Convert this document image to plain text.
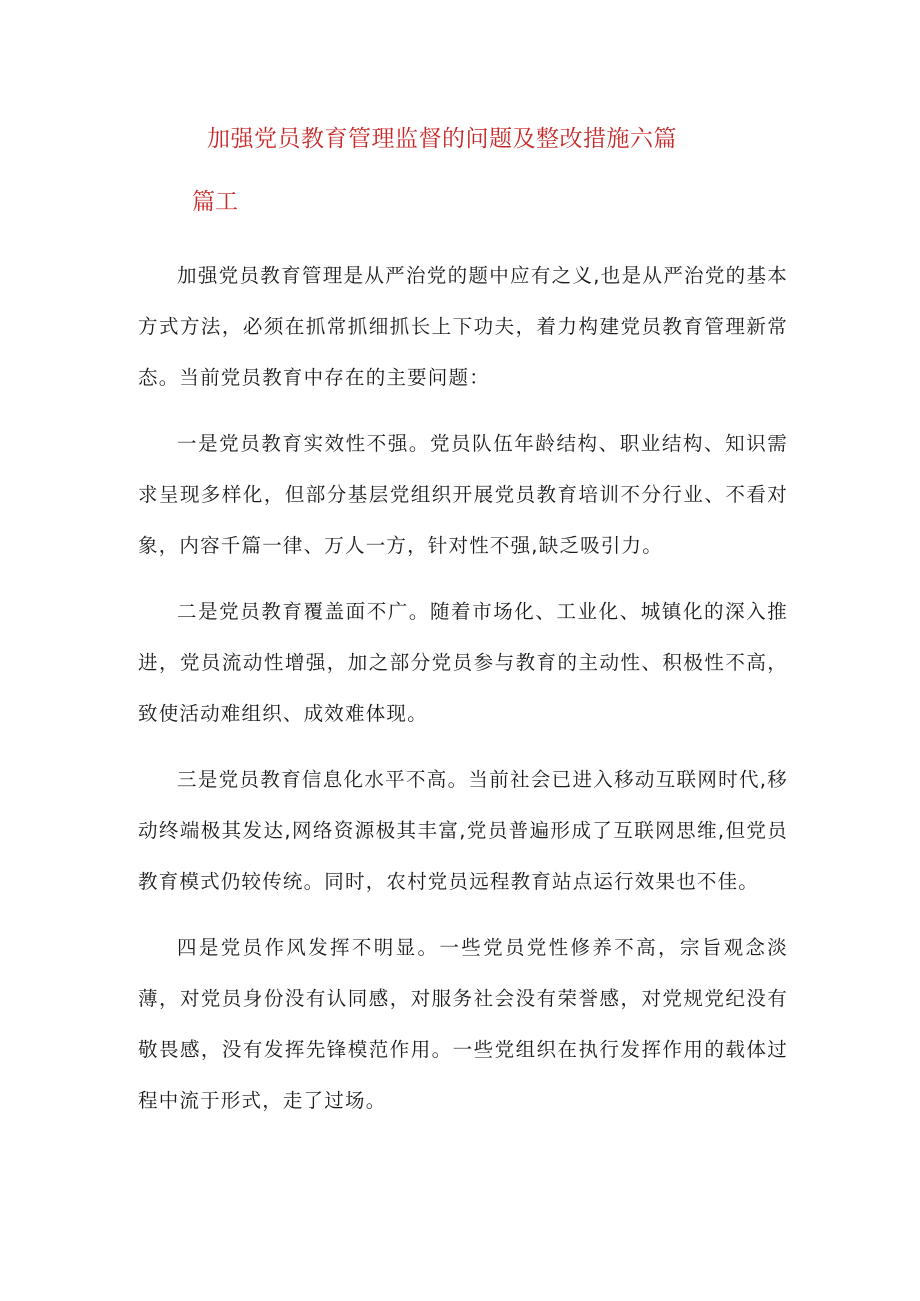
加强党员教育管理监督的问题及整改措施六篇
篇工

加强党员教育管理是从严治党的题中应有之义,也是从严治党的基本方式方法，必须在抓常抓细抓长上下功夫，着力构建党员教育管理新常态。当前党员教育中存在的主要问题：

一是党员教育实效性不强。党员队伍年龄结构、职业结构、知识需求呈现多样化，但部分基层党组织开展党员教育培训不分行业、不看对象，内容千篇一律、万人一方，针对性不强,缺乏吸引力。

二是党员教育覆盖面不广。随着市场化、工业化、城镇化的深入推进，党员流动性增强，加之部分党员参与教育的主动性、积极性不高，致使活动难组织、成效难体现。

三是党员教育信息化水平不高。当前社会已进入移动互联网时代,移动终端极其发达,网络资源极其丰富,党员普遍形成了互联网思维,但党员教育模式仍较传统。同时，农村党员远程教育站点运行效果也不佳。

四是党员作风发挥不明显。一些党员党性修养不高，宗旨观念淡薄，对党员身份没有认同感，对服务社会没有荣誉感，对党规党纪没有敬畏感，没有发挥先锋模范作用。一些党组织在执行发挥作用的载体过程中流于形式，走了过场。
